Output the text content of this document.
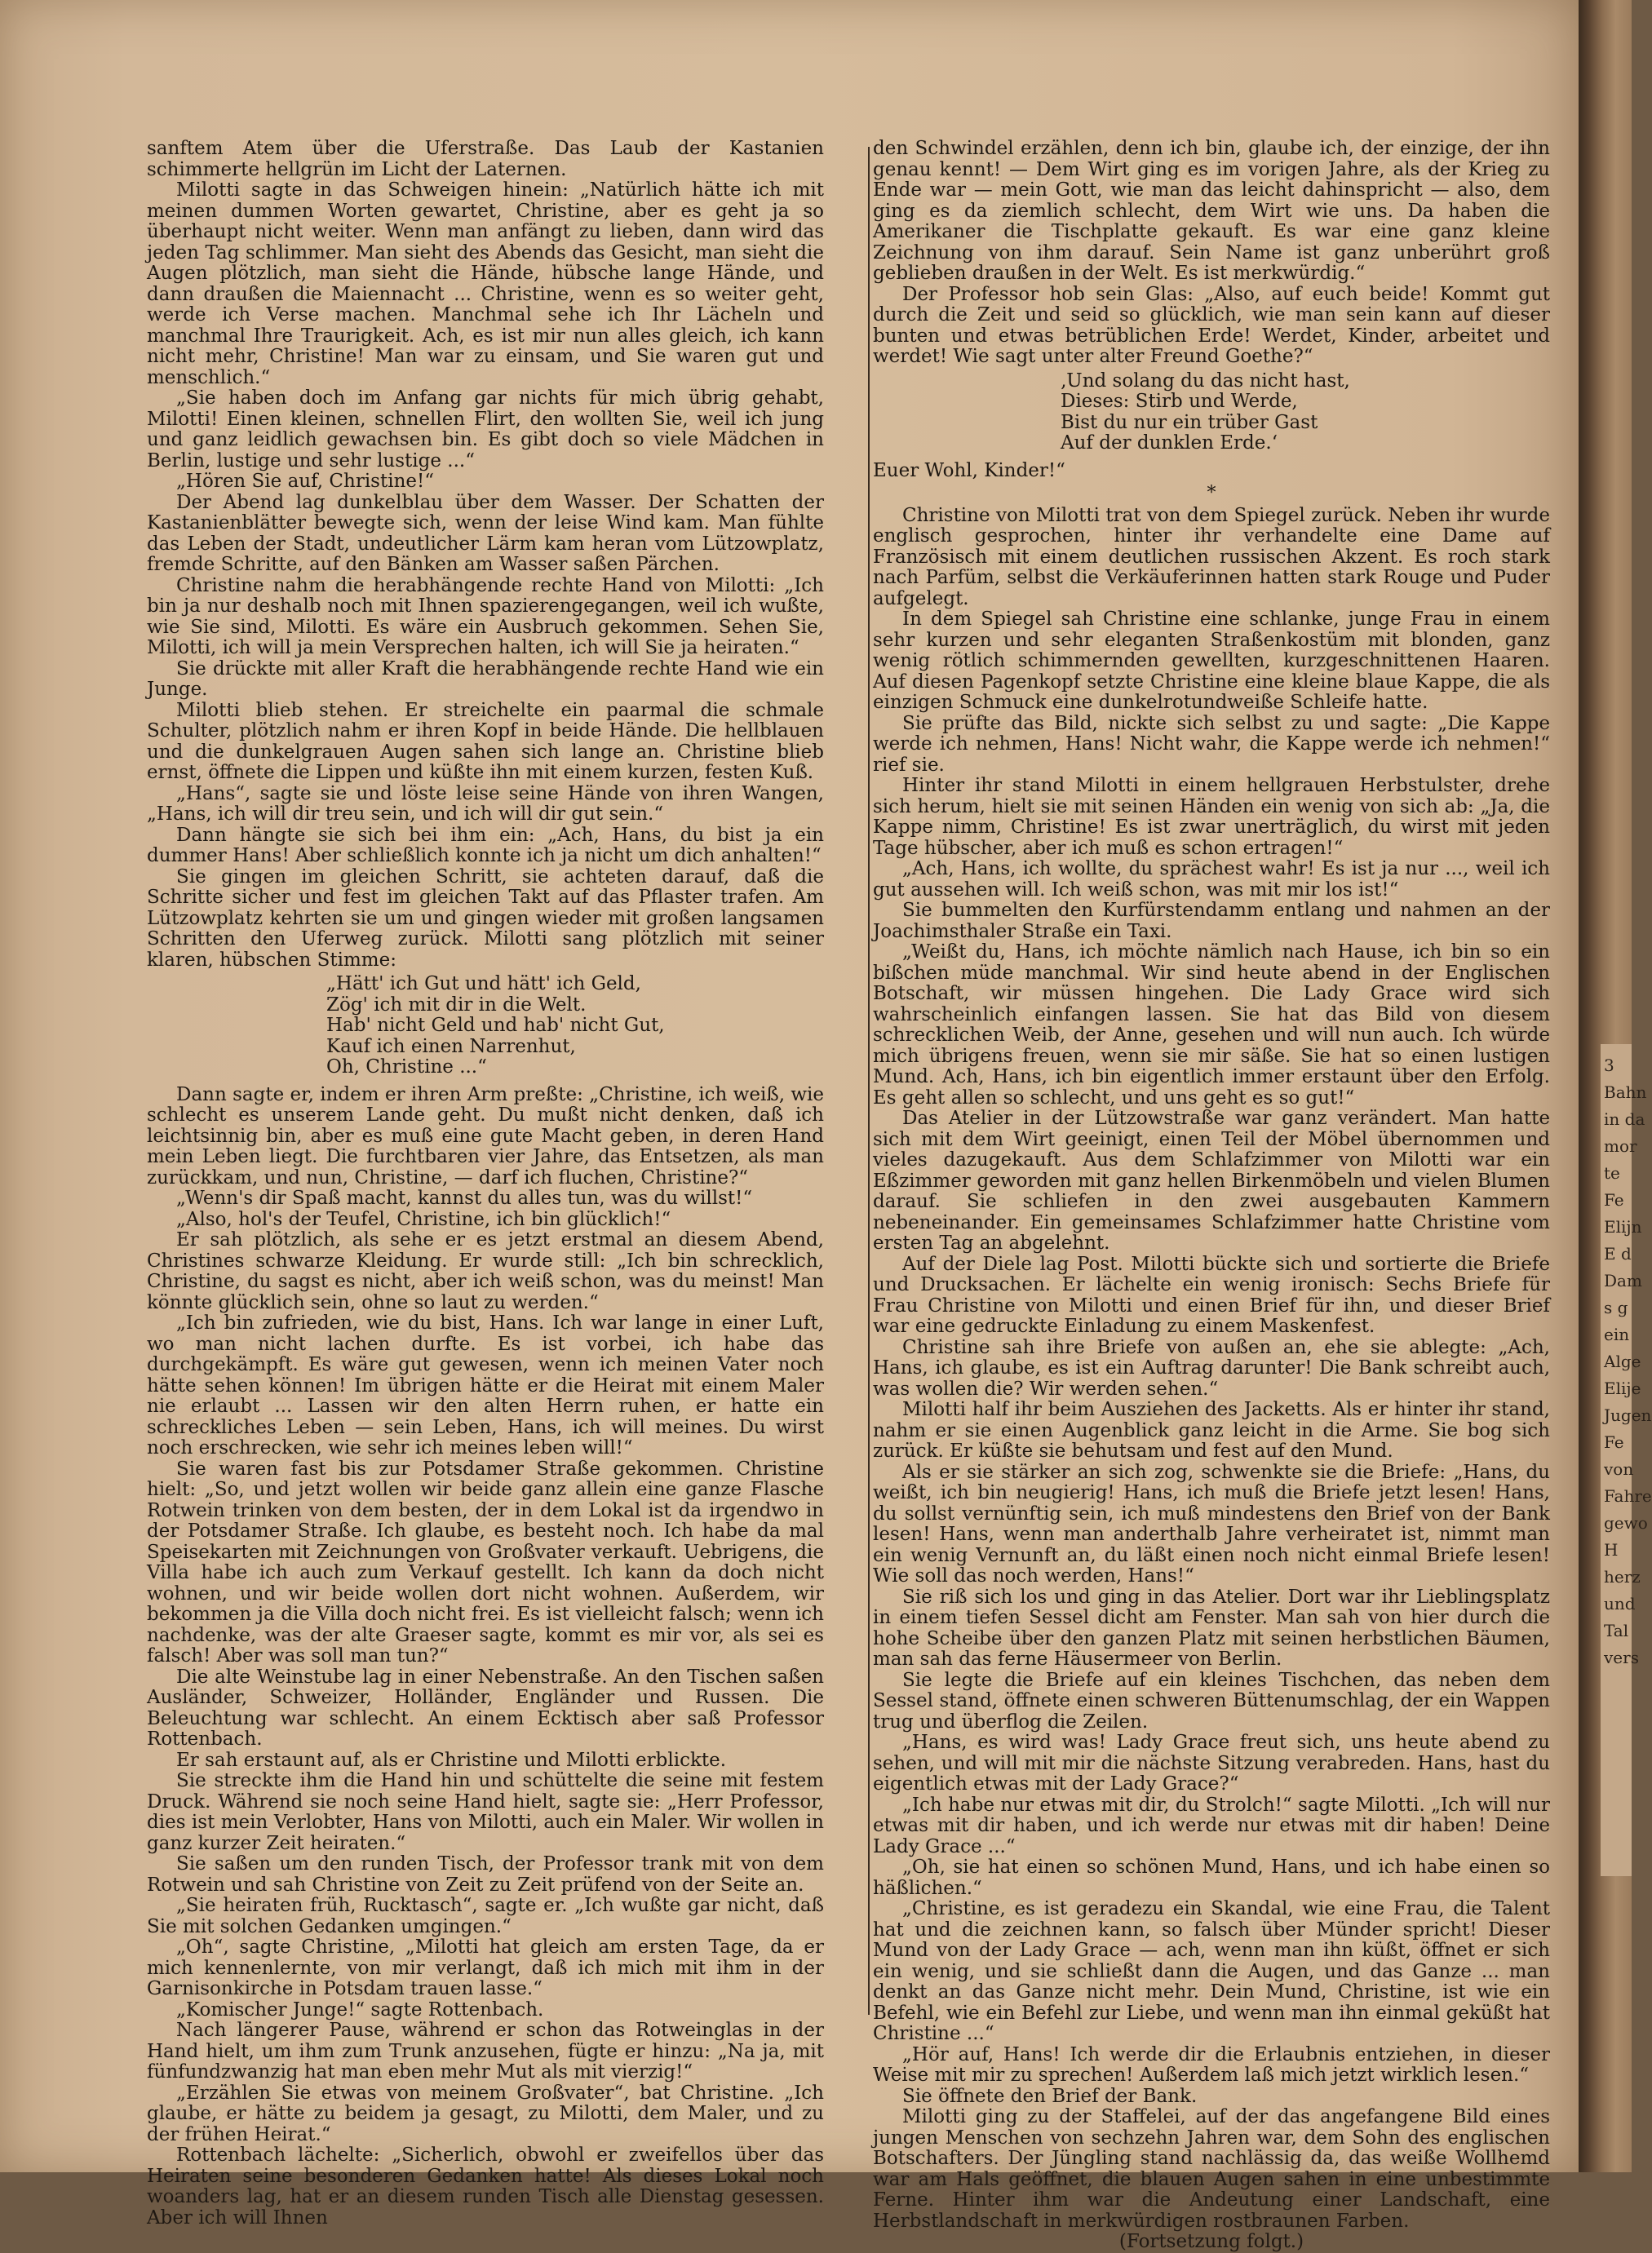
sanftem Atem über die Uferstraße. Das Laub der Kastanien schimmerte hellgrün im Licht der Laternen.

Milotti sagte in das Schweigen hinein: „Natürlich hätte ich mit meinen dummen Worten gewartet, Christine, aber es geht ja so überhaupt nicht weiter. Wenn man anfängt zu lieben, dann wird das jeden Tag schlimmer. Man sieht des Abends das Gesicht, man sieht die Augen plötzlich, man sieht die Hände, hübsche lange Hände, und dann draußen die Maiennacht ... Christine, wenn es so weiter geht, werde ich Verse machen. Manchmal sehe ich Ihr Lächeln und manchmal Ihre Traurigkeit. Ach, es ist mir nun alles gleich, ich kann nicht mehr, Christine! Man war zu einsam, und Sie waren gut und menschlich.“

„Sie haben doch im Anfang gar nichts für mich übrig gehabt, Milotti! Einen kleinen, schnellen Flirt, den wollten Sie, weil ich jung und ganz leidlich gewachsen bin. Es gibt doch so viele Mädchen in Berlin, lustige und sehr lustige ...“

„Hören Sie auf, Christine!“

Der Abend lag dunkelblau über dem Wasser. Der Schatten der Kastanienblätter bewegte sich, wenn der leise Wind kam. Man fühlte das Leben der Stadt, undeutlicher Lärm kam heran vom Lützowplatz, fremde Schritte, auf den Bänken am Wasser saßen Pärchen.

Christine nahm die herabhängende rechte Hand von Milotti: „Ich bin ja nur deshalb noch mit Ihnen spazierengegangen, weil ich wußte, wie Sie sind, Milotti. Es wäre ein Ausbruch gekommen. Sehen Sie, Milotti, ich will ja mein Versprechen halten, ich will Sie ja heiraten.“

Sie drückte mit aller Kraft die herabhängende rechte Hand wie ein Junge.

Milotti blieb stehen. Er streichelte ein paarmal die schmale Schulter, plötzlich nahm er ihren Kopf in beide Hände. Die hellblauen und die dunkelgrauen Augen sahen sich lange an. Christine blieb ernst, öffnete die Lippen und küßte ihn mit einem kurzen, festen Kuß.

„Hans“, sagte sie und löste leise seine Hände von ihren Wangen, „Hans, ich will dir treu sein, und ich will dir gut sein.“

Dann hängte sie sich bei ihm ein: „Ach, Hans, du bist ja ein dummer Hans! Aber schließlich konnte ich ja nicht um dich anhalten!“

Sie gingen im gleichen Schritt, sie achteten darauf, daß die Schritte sicher und fest im gleichen Takt auf das Pflaster trafen. Am Lützowplatz kehrten sie um und gingen wieder mit großen langsamen Schritten den Uferweg zurück. Milotti sang plötzlich mit seiner klaren, hübschen Stimme:

„Hätt' ich Gut und hätt' ich Geld,
Zög' ich mit dir in die Welt.
Hab' nicht Geld und hab' nicht Gut,
Kauf ich einen Narrenhut,
Oh, Christine ...“

Dann sagte er, indem er ihren Arm preßte: „Christine, ich weiß, wie schlecht es unserem Lande geht. Du mußt nicht denken, daß ich leichtsinnig bin, aber es muß eine gute Macht geben, in deren Hand mein Leben liegt. Die furchtbaren vier Jahre, das Entsetzen, als man zurückkam, und nun, Christine, — darf ich fluchen, Christine?“

„Wenn's dir Spaß macht, kannst du alles tun, was du willst!“

„Also, hol's der Teufel, Christine, ich bin glücklich!“

Er sah plötzlich, als sehe er es jetzt erstmal an diesem Abend, Christines schwarze Kleidung. Er wurde still: „Ich bin schrecklich, Christine, du sagst es nicht, aber ich weiß schon, was du meinst! Man könnte glücklich sein, ohne so laut zu werden.“

„Ich bin zufrieden, wie du bist, Hans. Ich war lange in einer Luft, wo man nicht lachen durfte. Es ist vorbei, ich habe das durchgekämpft. Es wäre gut gewesen, wenn ich meinen Vater noch hätte sehen können! Im übrigen hätte er die Heirat mit einem Maler nie erlaubt ... Lassen wir den alten Herrn ruhen, er hatte ein schreckliches Leben — sein Leben, Hans, ich will meines. Du wirst noch erschrecken, wie sehr ich meines leben will!“

Sie waren fast bis zur Potsdamer Straße gekommen. Christine hielt: „So, und jetzt wollen wir beide ganz allein eine ganze Flasche Rotwein trinken von dem besten, der in dem Lokal ist da irgendwo in der Potsdamer Straße. Ich glaube, es besteht noch. Ich habe da mal Speisekarten mit Zeichnungen von Großvater verkauft. Uebrigens, die Villa habe ich auch zum Verkauf gestellt. Ich kann da doch nicht wohnen, und wir beide wollen dort nicht wohnen. Außerdem, wir bekommen ja die Villa doch nicht frei. Es ist vielleicht falsch; wenn ich nachdenke, was der alte Graeser sagte, kommt es mir vor, als sei es falsch! Aber was soll man tun?“

Die alte Weinstube lag in einer Nebenstraße. An den Tischen saßen Ausländer, Schweizer, Holländer, Engländer und Russen. Die Beleuchtung war schlecht. An einem Ecktisch aber saß Professor Rottenbach.

Er sah erstaunt auf, als er Christine und Milotti erblickte.

Sie streckte ihm die Hand hin und schüttelte die seine mit festem Druck. Während sie noch seine Hand hielt, sagte sie: „Herr Professor, dies ist mein Verlobter, Hans von Milotti, auch ein Maler. Wir wollen in ganz kurzer Zeit heiraten.“

Sie saßen um den runden Tisch, der Professor trank mit von dem Rotwein und sah Christine von Zeit zu Zeit prüfend von der Seite an.

„Sie heiraten früh, Rucktasch“, sagte er. „Ich wußte gar nicht, daß Sie mit solchen Gedanken umgingen.“

„Oh“, sagte Christine, „Milotti hat gleich am ersten Tage, da er mich kennenlernte, von mir verlangt, daß ich mich mit ihm in der Garnisonkirche in Potsdam trauen lasse.“

„Komischer Junge!“ sagte Rottenbach.

Nach längerer Pause, während er schon das Rotweinglas in der Hand hielt, um ihm zum Trunk anzusehen, fügte er hinzu: „Na ja, mit fünfundzwanzig hat man eben mehr Mut als mit vierzig!“

„Erzählen Sie etwas von meinem Großvater“, bat Christine. „Ich glaube, er hätte zu beidem ja gesagt, zu Milotti, dem Maler, und zu der frühen Heirat.“

Rottenbach lächelte: „Sicherlich, obwohl er zweifellos über das Heiraten seine besonderen Gedanken hatte! Als dieses Lokal noch woanders lag, hat er an diesem runden Tisch alle Dienstag gesessen. Aber ich will Ihnen

den Schwindel erzählen, denn ich bin, glaube ich, der einzige, der ihn genau kennt! — Dem Wirt ging es im vorigen Jahre, als der Krieg zu Ende war — mein Gott, wie man das leicht dahinspricht — also, dem ging es da ziemlich schlecht, dem Wirt wie uns. Da haben die Amerikaner die Tischplatte gekauft. Es war eine ganz kleine Zeichnung von ihm darauf. Sein Name ist ganz unberührt groß geblieben draußen in der Welt. Es ist merkwürdig.“

Der Professor hob sein Glas: „Also, auf euch beide! Kommt gut durch die Zeit und seid so glücklich, wie man sein kann auf dieser bunten und etwas betrüblichen Erde! Werdet, Kinder, arbeitet und werdet! Wie sagt unter alter Freund Goethe?“

‚Und solang du das nicht hast,
Dieses: Stirb und Werde,
Bist du nur ein trüber Gast
Auf der dunklen Erde.‘

Euer Wohl, Kinder!“

*

Christine von Milotti trat von dem Spiegel zurück. Neben ihr wurde englisch gesprochen, hinter ihr verhandelte eine Dame auf Französisch mit einem deutlichen russischen Akzent. Es roch stark nach Parfüm, selbst die Verkäuferinnen hatten stark Rouge und Puder aufgelegt.

In dem Spiegel sah Christine eine schlanke, junge Frau in einem sehr kurzen und sehr eleganten Straßenkostüm mit blonden, ganz wenig rötlich schimmernden gewellten, kurzgeschnittenen Haaren. Auf diesen Pagenkopf setzte Christine eine kleine blaue Kappe, die als einzigen Schmuck eine dunkelrotundweiße Schleife hatte.

Sie prüfte das Bild, nickte sich selbst zu und sagte: „Die Kappe werde ich nehmen, Hans! Nicht wahr, die Kappe werde ich nehmen!“ rief sie.

Hinter ihr stand Milotti in einem hellgrauen Herbstulster, drehe sich herum, hielt sie mit seinen Händen ein wenig von sich ab: „Ja, die Kappe nimm, Christine! Es ist zwar unerträglich, du wirst mit jeden Tage hübscher, aber ich muß es schon ertragen!“

„Ach, Hans, ich wollte, du sprächest wahr! Es ist ja nur ..., weil ich gut aussehen will. Ich weiß schon, was mit mir los ist!“

Sie bummelten den Kurfürstendamm entlang und nahmen an der Joachimsthaler Straße ein Taxi.

„Weißt du, Hans, ich möchte nämlich nach Hause, ich bin so ein bißchen müde manchmal. Wir sind heute abend in der Englischen Botschaft, wir müssen hingehen. Die Lady Grace wird sich wahrscheinlich einfangen lassen. Sie hat das Bild von diesem schrecklichen Weib, der Anne, gesehen und will nun auch. Ich würde mich übrigens freuen, wenn sie mir säße. Sie hat so einen lustigen Mund. Ach, Hans, ich bin eigentlich immer erstaunt über den Erfolg. Es geht allen so schlecht, und uns geht es so gut!“

Das Atelier in der Lützowstraße war ganz verändert. Man hatte sich mit dem Wirt geeinigt, einen Teil der Möbel übernommen und vieles dazugekauft. Aus dem Schlafzimmer von Milotti war ein Eßzimmer geworden mit ganz hellen Birkenmöbeln und vielen Blumen darauf. Sie schliefen in den zwei ausgebauten Kammern nebeneinander. Ein gemeinsames Schlafzimmer hatte Christine vom ersten Tag an abgelehnt.

Auf der Diele lag Post. Milotti bückte sich und sortierte die Briefe und Drucksachen. Er lächelte ein wenig ironisch: Sechs Briefe für Frau Christine von Milotti und einen Brief für ihn, und dieser Brief war eine gedruckte Einladung zu einem Maskenfest.

Christine sah ihre Briefe von außen an, ehe sie ablegte: „Ach, Hans, ich glaube, es ist ein Auftrag darunter! Die Bank schreibt auch, was wollen die? Wir werden sehen.“

Milotti half ihr beim Ausziehen des Jacketts. Als er hinter ihr stand, nahm er sie einen Augenblick ganz leicht in die Arme. Sie bog sich zurück. Er küßte sie behutsam und fest auf den Mund.

Als er sie stärker an sich zog, schwenkte sie die Briefe: „Hans, du weißt, ich bin neugierig! Hans, ich muß die Briefe jetzt lesen! Hans, du sollst vernünftig sein, ich muß mindestens den Brief von der Bank lesen! Hans, wenn man anderthalb Jahre verheiratet ist, nimmt man ein wenig Vernunft an, du läßt einen noch nicht einmal Briefe lesen! Wie soll das noch werden, Hans!“

Sie riß sich los und ging in das Atelier. Dort war ihr Lieblingsplatz in einem tiefen Sessel dicht am Fenster. Man sah von hier durch die hohe Scheibe über den ganzen Platz mit seinen herbstlichen Bäumen, man sah das ferne Häusermeer von Berlin.

Sie legte die Briefe auf ein kleines Tischchen, das neben dem Sessel stand, öffnete einen schweren Büttenumschlag, der ein Wappen trug und überflog die Zeilen.

„Hans, es wird was! Lady Grace freut sich, uns heute abend zu sehen, und will mit mir die nächste Sitzung verabreden. Hans, hast du eigentlich etwas mit der Lady Grace?“

„Ich habe nur etwas mit dir, du Strolch!“ sagte Milotti. „Ich will nur etwas mit dir haben, und ich werde nur etwas mit dir haben! Deine Lady Grace ...“

„Oh, sie hat einen so schönen Mund, Hans, und ich habe einen so häßlichen.“

„Christine, es ist geradezu ein Skandal, wie eine Frau, die Talent hat und die zeichnen kann, so falsch über Münder spricht! Dieser Mund von der Lady Grace — ach, wenn man ihn küßt, öffnet er sich ein wenig, und sie schließt dann die Augen, und das Ganze ... man denkt an das Ganze nicht mehr. Dein Mund, Christine, ist wie ein Befehl, wie ein Befehl zur Liebe, und wenn man ihn einmal geküßt hat Christine ...“

„Hör auf, Hans! Ich werde dir die Erlaubnis entziehen, in dieser Weise mit mir zu sprechen! Außerdem laß mich jetzt wirklich lesen.“

Sie öffnete den Brief der Bank.

Milotti ging zu der Staffelei, auf der das angefangene Bild eines jungen Menschen von sechzehn Jahren war, dem Sohn des englischen Botschafters. Der Jüngling stand nachlässig da, das weiße Wollhemd war am Hals geöffnet, die blauen Augen sahen in eine unbestimmte Ferne. Hinter ihm war die Andeutung einer Landschaft, eine Herbstlandschaft in merkwürdigen rostbraunen Farben.

(Fortsetzung folgt.)

3
Bahn
in da
mor
te
Fe
Elijn
E d
Dam
s g
ein
Alge
Elije
Jugen
Fe
von
Fahre
gewo
H
herz
und
Tal
vers
